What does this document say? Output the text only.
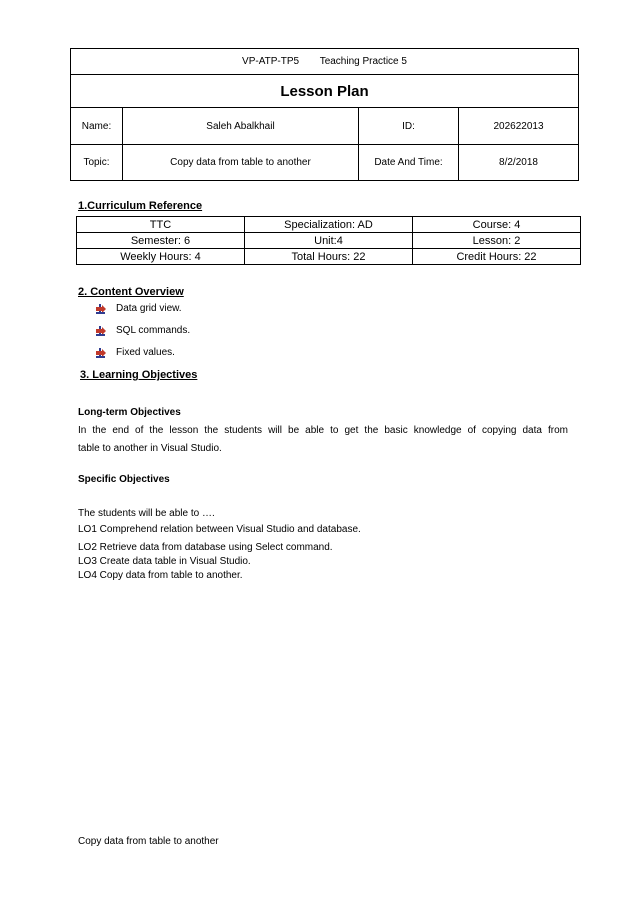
VP-ATP-TP5 Teaching Practice 5			
Lesson Plan			
Name:	Saleh Abalkhail	ID:	202622013
Topic:	Copy data from table to another	Date And Time:	8/2/2018

1.Curriculum Reference

TTC	Specialization: AD	Course: 4
Semester: 6	Unit:4	Lesson: 2
Weekly Hours: 4	Total Hours: 22	Credit Hours: 22

2. Content Overview

Data grid view.
SQL commands.
Fixed values.

3. Learning Objectives

Long-term Objectives

In the end of the lesson the students will be able to get the basic knowledge of copying data from

table to another in Visual Studio.

Specific Objectives

The students will be able to ….

LO1 Comprehend relation between Visual Studio and database.

LO2 Retrieve data from database using Select command.

LO3 Create data table in Visual Studio.

LO4 Copy data from table to another.

Copy data from table to another
